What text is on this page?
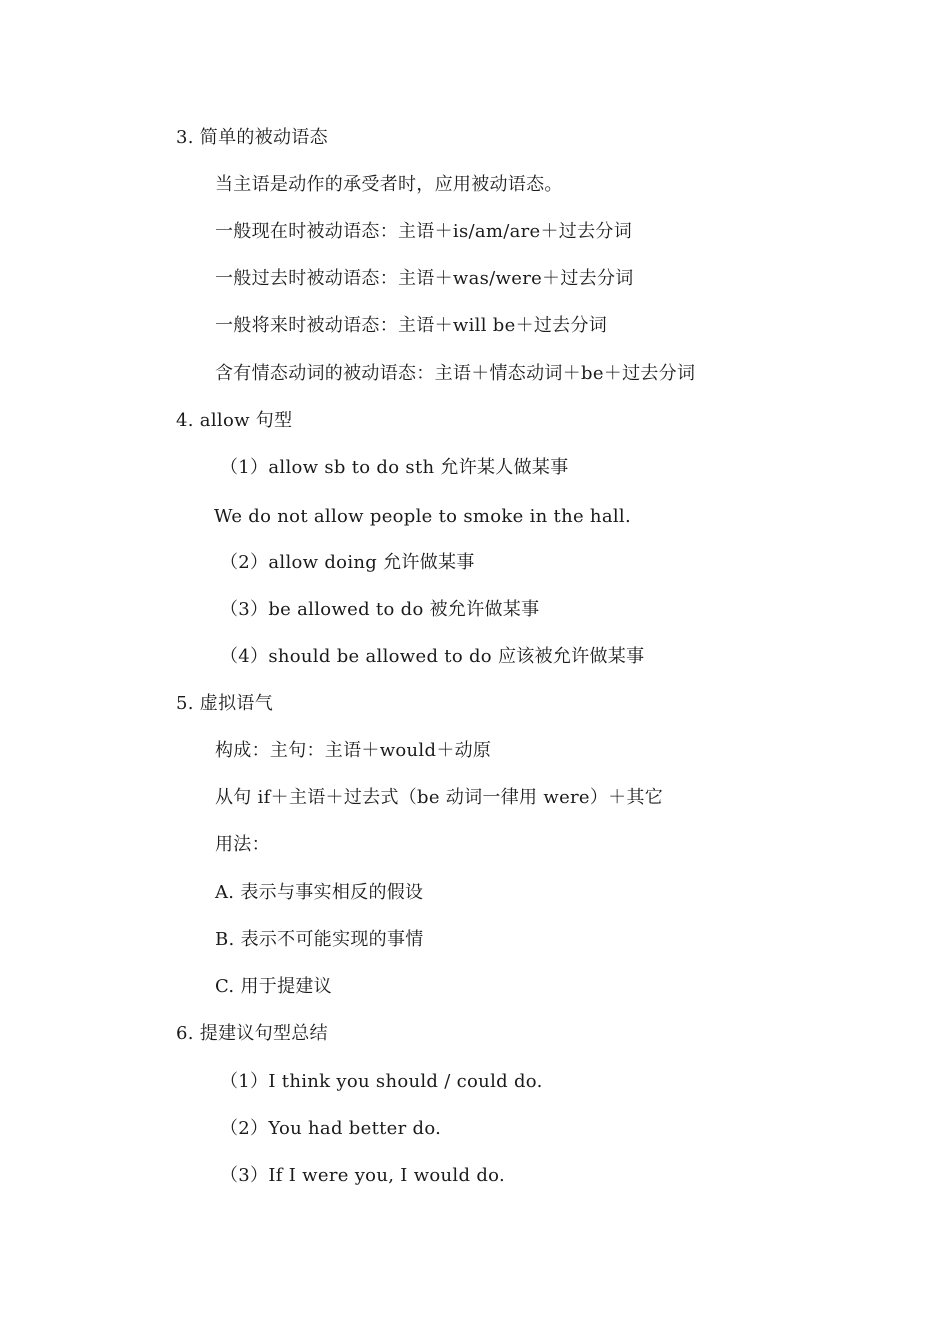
3. 简单的被动语态
当主语是动作的承受者时，应用被动语态。
一般现在时被动语态：主语＋is/am/are＋过去分词
一般过去时被动语态：主语＋was/were＋过去分词
一般将来时被动语态：主语＋will be＋过去分词
含有情态动词的被动语态：主语＋情态动词＋be＋过去分词
4. allow 句型
（1）allow sb to do sth 允许某人做某事
We do not allow people to smoke in the hall.
（2）allow doing 允许做某事
（3）be allowed to do 被允许做某事
（4）should be allowed to do 应该被允许做某事
5. 虚拟语气
构成：主句：主语＋would＋动原
从句 if＋主语＋过去式（be 动词一律用 were）＋其它
用法：
A. 表示与事实相反的假设
B. 表示不可能实现的事情
C. 用于提建议
6. 提建议句型总结
（1）I think you should / could do.
（2）You had better do.
（3）If I were you, I would do.
